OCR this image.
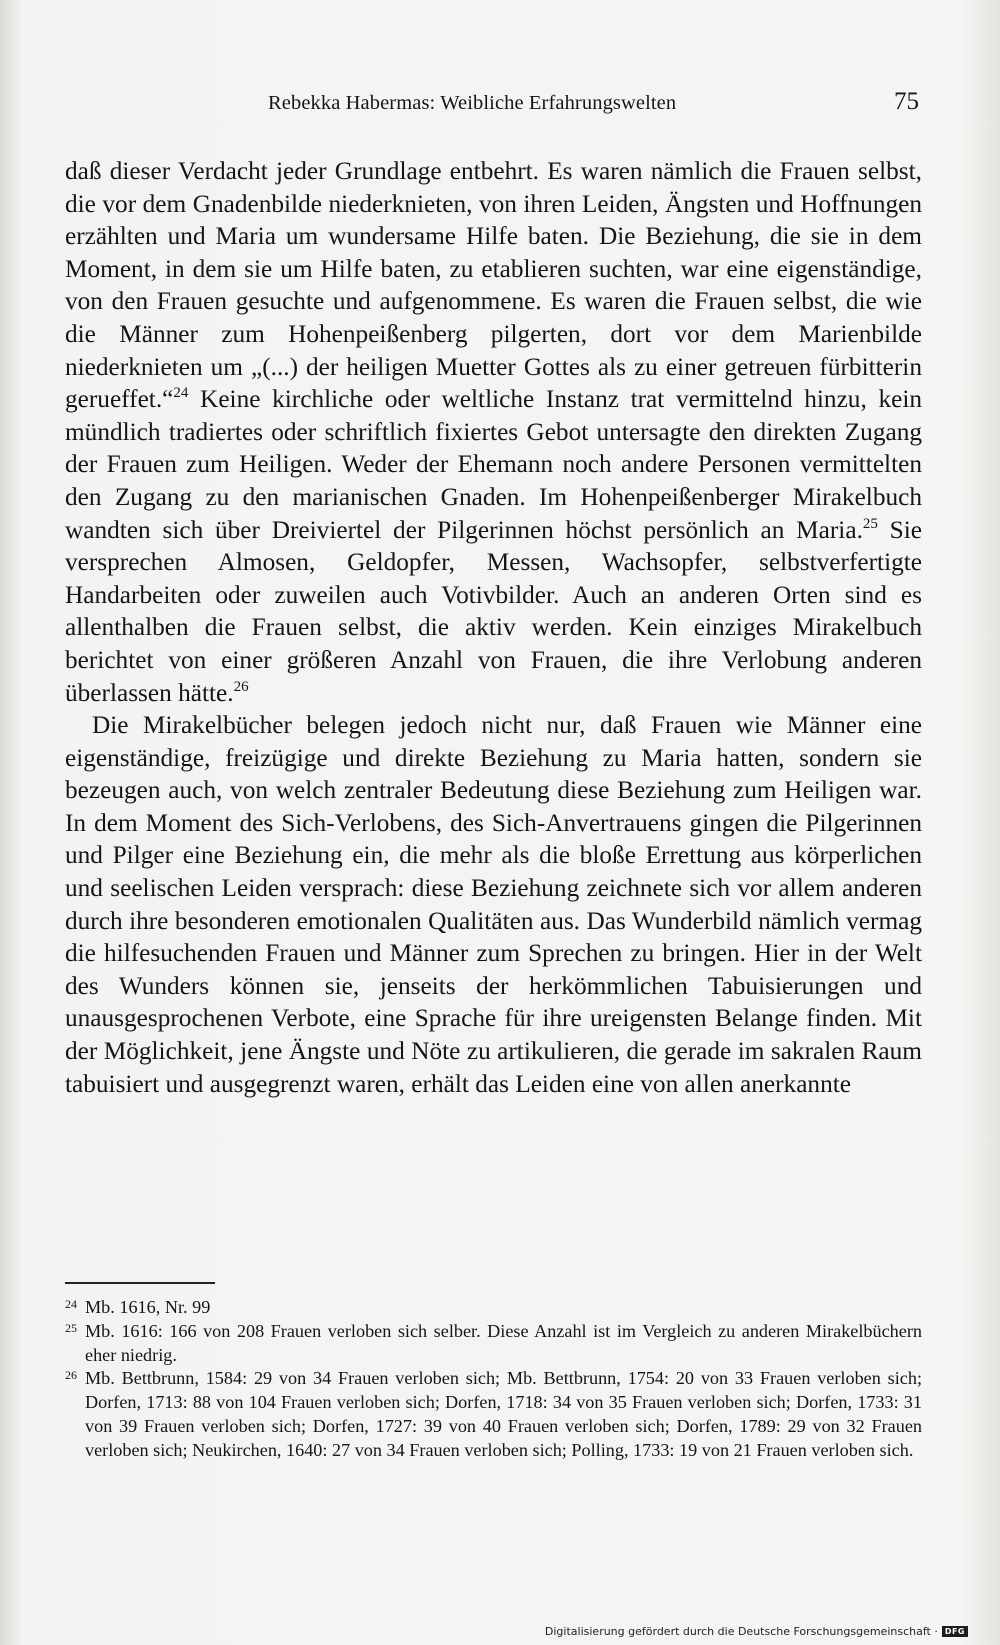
Rebekka Habermas: Weibliche Erfahrungswelten	75

daß dieser Verdacht jeder Grundlage entbehrt. Es waren nämlich die Frauen selbst, die vor dem Gnadenbilde niederknieten, von ihren Leiden, Ängsten und Hoffnungen erzählten und Maria um wundersame Hilfe baten. Die Beziehung, die sie in dem Moment, in dem sie um Hilfe baten, zu etablieren suchten, war eine eigenständige, von den Frauen gesuchte und aufgenommene. Es waren die Frauen selbst, die wie die Männer zum Hohenpeißenberg pilgerten, dort vor dem Marienbilde niederknieten um „(...) der heiligen Muetter Gottes als zu einer getreuen fürbitterin gerueffet.“$^{24}$ Keine kirchliche oder weltliche Instanz trat vermittelnd hinzu, kein mündlich tradiertes oder schriftlich fixiertes Gebot untersagte den direkten Zugang der Frauen zum Heiligen. Weder der Ehemann noch andere Personen vermittelten den Zugang zu den marianischen Gnaden. Im Hohenpeißenberger Mirakelbuch wandten sich über Dreiviertel der Pilgerinnen höchst persönlich an Maria.$^{25}$ Sie versprechen Almosen, Geldopfer, Messen, Wachsopfer, selbstverfertigte Handarbeiten oder zuweilen auch Votivbilder. Auch an anderen Orten sind es allenthalben die Frauen selbst, die aktiv werden. Kein einziges Mirakelbuch berichtet von einer größeren Anzahl von Frauen, die ihre Verlobung anderen überlassen hätte.$^{26}$

Die Mirakelbücher belegen jedoch nicht nur, daß Frauen wie Männer eine eigenständige, freizügige und direkte Beziehung zu Maria hatten, sondern sie bezeugen auch, von welch zentraler Bedeutung diese Beziehung zum Heiligen war. In dem Moment des Sich-Verlobens, des Sich-Anvertrauens gingen die Pilgerinnen und Pilger eine Beziehung ein, die mehr als die bloße Errettung aus körperlichen und seelischen Leiden versprach: diese Beziehung zeichnete sich vor allem anderen durch ihre besonderen emotionalen Qualitäten aus. Das Wunderbild nämlich vermag die hilfesuchenden Frauen und Männer zum Sprechen zu bringen. Hier in der Welt des Wunders können sie, jenseits der herkömmlichen Tabuisierungen und unausgesprochenen Verbote, eine Sprache für ihre ureigensten Belange finden. Mit der Möglichkeit, jene Ängste und Nöte zu artikulieren, die gerade im sakralen Raum tabuisiert und ausgegrenzt waren, erhält das Leiden eine von allen anerkannte

24 Mb. 1616, Nr. 99
25 Mb. 1616: 166 von 208 Frauen verloben sich selber. Diese Anzahl ist im Vergleich zu anderen Mirakelbüchern eher niedrig.
26 Mb. Bettbrunn, 1584: 29 von 34 Frauen verloben sich; Mb. Bettbrunn, 1754: 20 von 33 Frauen verloben sich; Dorfen, 1713: 88 von 104 Frauen verloben sich; Dorfen, 1718: 34 von 35 Frauen verloben sich; Dorfen, 1733: 31 von 39 Frauen verloben sich; Dorfen, 1727: 39 von 40 Frauen verloben sich; Dorfen, 1789: 29 von 32 Frauen verloben sich; Neukirchen, 1640: 27 von 34 Frauen verloben sich; Polling, 1733: 19 von 21 Frauen verloben sich.
Digitalisierung gefördert durch die Deutsche Forschungsgemeinschaft · DFG
